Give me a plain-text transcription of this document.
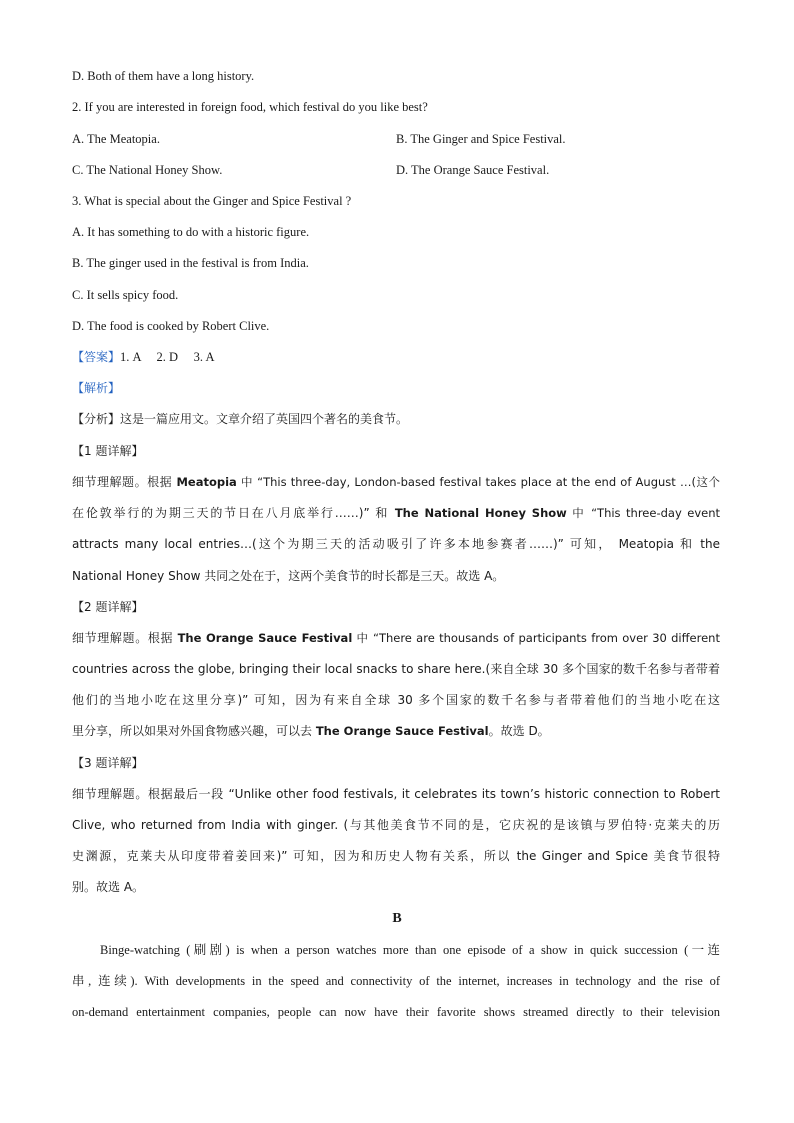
D. Both of them have a long history.
2. If you are interested in foreign food, which festival do you like best?
A. The Meatopia.	B. The Ginger and Spice Festival.
C. The National Honey Show.	D. The Orange Sauce Festival.
3. What is special about the Ginger and Spice Festival ?
A. It has something to do with a historic figure.
B. The ginger used in the festival is from India.
C. It sells spicy food.
D. The food is cooked by Robert Clive.
【答案】1. A     2. D     3. A
【解析】
【分析】这是一篇应用文。文章介绍了英国四个著名的美食节。
【1 题详解】
细节理解题。根据 Meatopia 中 “This three-day, London-based festival takes place at the end of August …(这个
在伦敦举行的为期三天的节日在八月底举行……)” 和 The National Honey Show 中 “This three-day event
attracts many local entries…(这个为期三天的活动吸引了许多本地参赛者……)” 可知， Meatopia 和 the
National Honey Show 共同之处在于，这两个美食节的时长都是三天。故选 A。
【2 题详解】
细节理解题。根据 The Orange Sauce Festival 中 “There are thousands of participants from over 30 different
countries across the globe, bringing their local snacks to share here.(来自全球 30 多个国家的数千名参与者带着
他们的当地小吃在这里分享)” 可知，因为有来自全球 30 多个国家的数千名参与者带着他们的当地小吃在这
里分享，所以如果对外国食物感兴趣，可以去 The Orange Sauce Festival。故选 D。
【3 题详解】
细节理解题。根据最后一段 “Unlike other food festivals, it celebrates its town’s historic connection to Robert
Clive, who returned from India with ginger. (与其他美食节不同的是，它庆祝的是该镇与罗伯特·克莱夫的历
史渊源，克莱夫从印度带着姜回来)” 可知，因为和历史人物有关系，所以 the Ginger and Spice 美食节很特
别。故选 A。
B
Binge-watching (刷剧) is when a person watches more than one episode of a show in quick succession (一连
串, 连续). With developments in the speed and connectivity of the internet, increases in technology and the rise of
on-demand entertainment companies, people can now have their favorite shows streamed directly to their television
